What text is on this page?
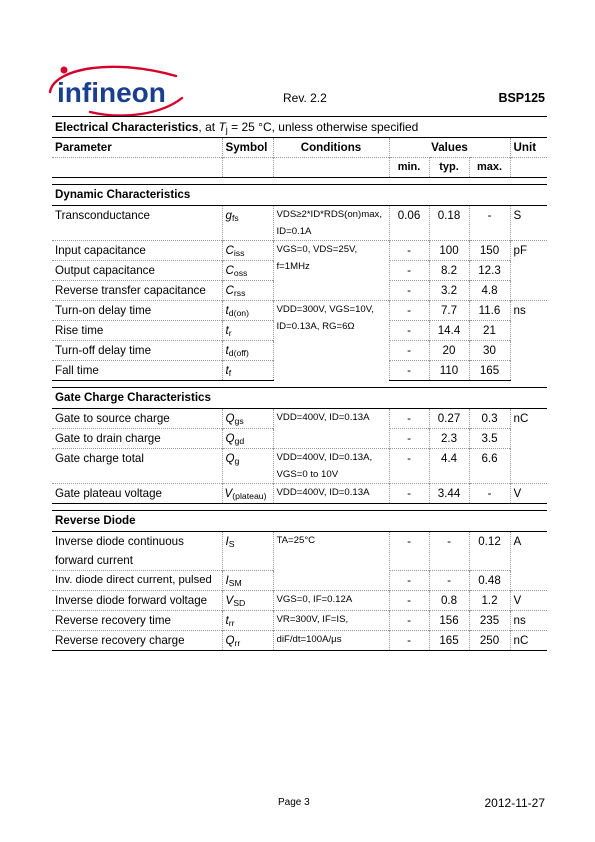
infineon	Rev. 2.2	BSP125
Electrical Characteristics, at $T_j = 25$ °C, unless otherwise specified
Parameter	Symbol	Conditions	Values			Unit
			min.	typ.	max.	

Dynamic Characteristics						
Transconductance	$g_{fs}$	VDS≥2*ID*RDS(on)max,
ID=0.1A	0.06	0.18	-	S
Input capacitance	$C_{iss}$	VGS=0, VDS=25V,
f=1MHz	-	100	150	pF
Output capacitance	$C_{oss}$		-	8.2	12.3	
Reverse transfer capacitance	$C_{rss}$		-	3.2	4.8	
Turn-on delay time	$t_{d(on)}$	VDD=300V, VGS=10V,
ID=0.13A, RG=6Ω	-	7.7	11.6	ns
Rise time	$t_r$		-	14.4	21	
Turn-off delay time	$t_{d(off)}$		-	20	30	
Fall time	$t_f$		-	110	165	

Gate Charge Characteristics						
Gate to source charge	$Q_{gs}$	VDD=400V, ID=0.13A	-	0.27	0.3	nC
Gate to drain charge	$Q_{gd}$		-	2.3	3.5	
Gate charge total	$Q_g$	VDD=400V, ID=0.13A,
VGS=0 to 10V	-	4.4	6.6	
Gate plateau voltage	$V_{(plateau)}$	VDD=400V, ID=0.13A	-	3.44	-	V

Reverse Diode						

Inverse diode continuous
forward current	$I_S$	TA=25°C	-	-	0.12	A
Inv. diode direct current, pulsed	$I_{SM}$		-	-	0.48	
Inverse diode forward voltage	$V_{SD}$	VGS=0, IF=0.12A	-	0.8	1.2	V
Reverse recovery time	$t_{rr}$	VR=300V, IF=IS,	-	156	235	ns
Reverse recovery charge	$Q_{rr}$	diF/dt=100A/µs	-	165	250	nC
Page 3	2012-11-27
